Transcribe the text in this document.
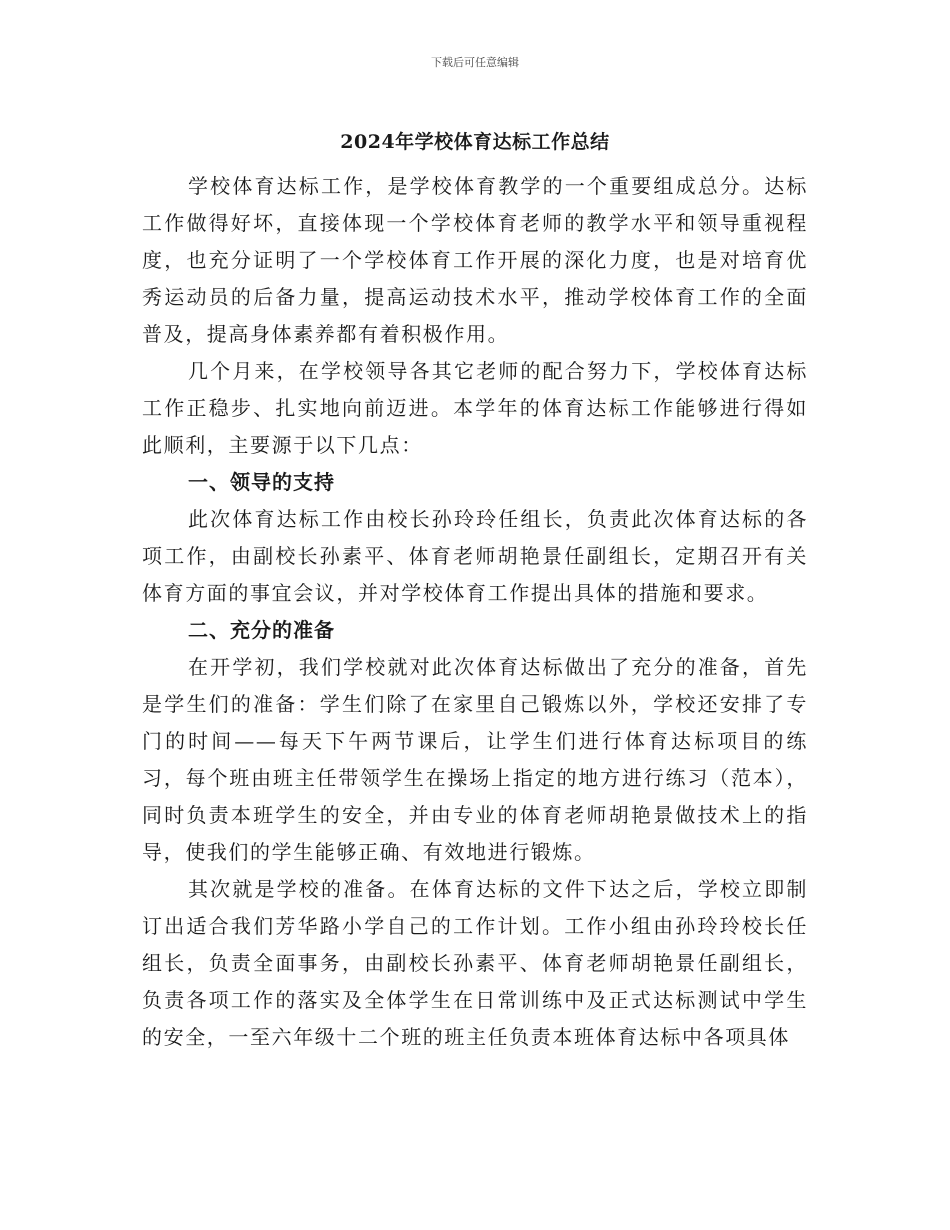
下载后可任意编辑
2024年学校体育达标工作总结

学校体育达标工作，是学校体育教学的一个重要组成总分。达标工作做得好坏，直接体现一个学校体育老师的教学水平和领导重视程度，也充分证明了一个学校体育工作开展的深化力度，也是对培育优秀运动员的后备力量，提高运动技术水平，推动学校体育工作的全面普及，提高身体素养都有着积极作用。

几个月来，在学校领导各其它老师的配合努力下，学校体育达标工作正稳步、扎实地向前迈进。本学年的体育达标工作能够进行得如此顺利，主要源于以下几点：

一、领导的支持

此次体育达标工作由校长孙玲玲任组长，负责此次体育达标的各项工作，由副校长孙素平、体育老师胡艳景任副组长，定期召开有关体育方面的事宜会议，并对学校体育工作提出具体的措施和要求。

二、充分的准备

在开学初，我们学校就对此次体育达标做出了充分的准备，首先是学生们的准备：学生们除了在家里自己锻炼以外，学校还安排了专门的时间——每天下午两节课后，让学生们进行体育达标项目的练习，每个班由班主任带领学生在操场上指定的地方进行练习（范本），同时负责本班学生的安全，并由专业的体育老师胡艳景做技术上的指导，使我们的学生能够正确、有效地进行锻炼。

其次就是学校的准备。在体育达标的文件下达之后，学校立即制订出适合我们芳华路小学自己的工作计划。工作小组由孙玲玲校长任组长，负责全面事务，由副校长孙素平、体育老师胡艳景任副组长，负责各项工作的落实及全体学生在日常训练中及正式达标测试中学生的安全，一至六年级十二个班的班主任负责本班体育达标中各项具体
